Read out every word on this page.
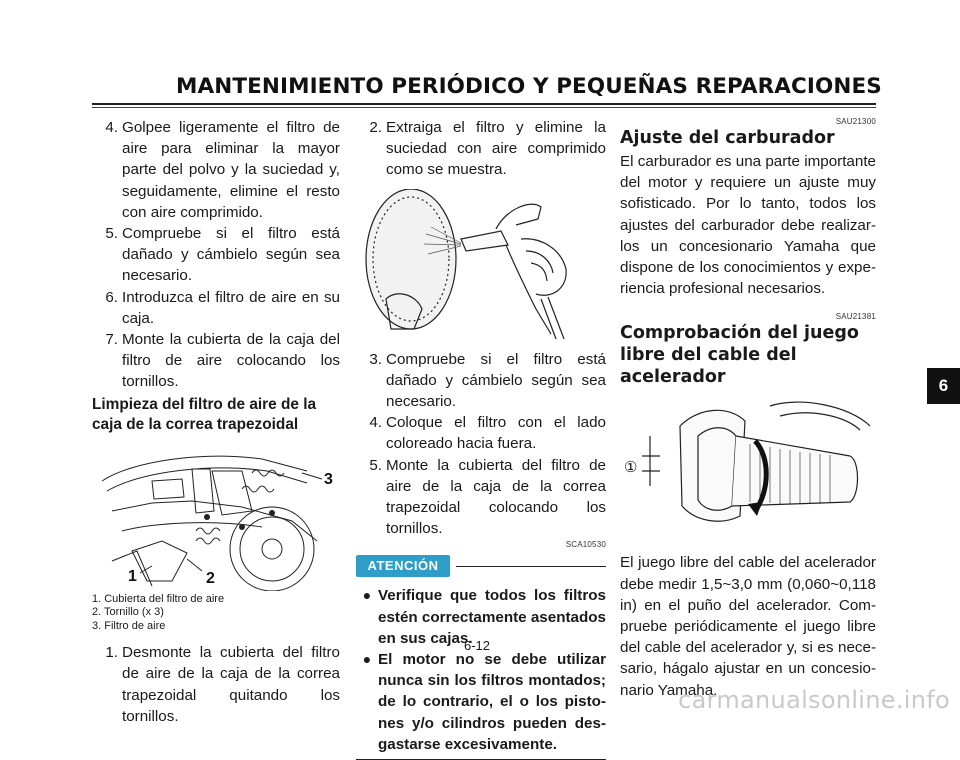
MANTENIMIENTO PERIÓDICO Y PEQUEÑAS REPARACIONES
4. Golpee ligeramente el filtro de aire para eliminar la mayor parte del polvo y la suciedad y, seguidamente, elimine el resto con aire comprimido.
5. Compruebe si el filtro está dañado y cámbielo según sea necesario.
6. Introduzca el filtro de aire en su caja.
7. Monte la cubierta de la caja del filtro de aire colocando los tornillos.
Limpieza del filtro de aire de la caja de la correa trapezoidal
3
1	2
1. Cubierta del filtro de aire
2. Tornillo (x 3)
3. Filtro de aire
1. Desmonte la cubierta del filtro de aire de la caja de la correa trapezoidal quitando los tornillos.
2. Extraiga el filtro y elimine la suciedad con aire comprimido como se muestra.
3. Compruebe si el filtro está dañado y cámbielo según sea necesario.
4. Coloque el filtro con el lado coloreado hacia fuera.
5. Monte la cubierta del filtro de aire de la caja de la correa trapezoidal colocando los tornillos.
SCA10530
ATENCIÓN
● Verifique que todos los filtros estén correctamente asentados en sus cajas.
● El motor no se debe utilizar nunca sin los filtros montados; de lo contrario, el o los pistones y/o cilindros pueden desgastarse excesivamente.
SAU21300
Ajuste del carburador

El carburador es una parte importante del motor y requiere un ajuste muy sofisticado. Por lo tanto, todos los ajustes del carburador debe realizarlos un concesionario Yamaha que dispone de los conocimientos y experiencia profesional necesarios.

SAU21381
Comprobación del juego libre del cable del acelerador
①

El juego libre del cable del acelerador debe medir 1,5~3,0 mm (0,060~0,118 in) en el puño del acelerador. Compruebe periódicamente el juego libre del cable del acelerador y, si es necesario, hágalo ajustar en un concesionario Yamaha.

6-12
6
carmanualsonline.info
